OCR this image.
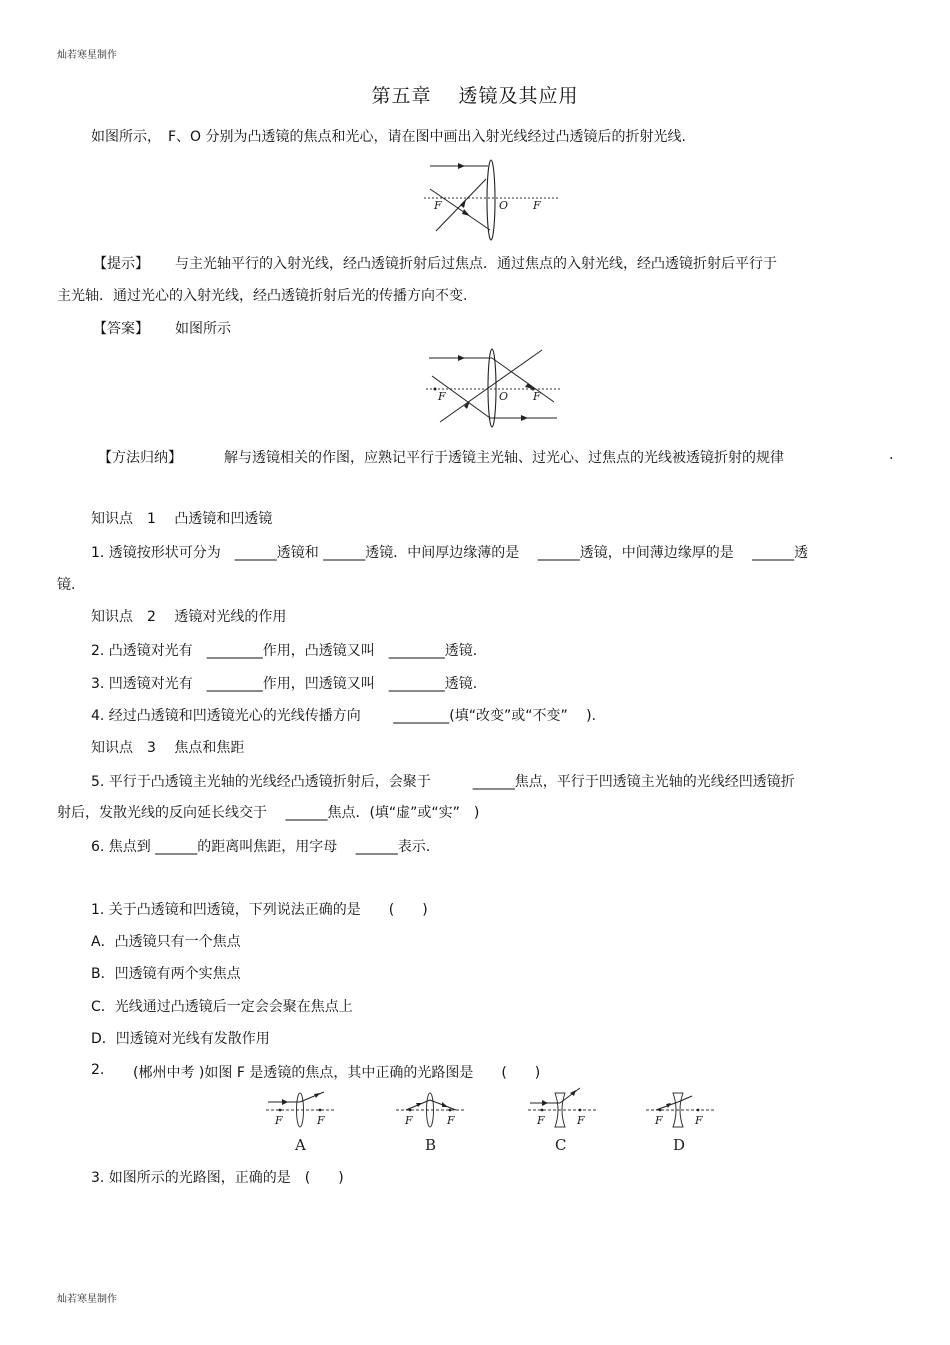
灿若寒星制作
第五章　 透镜及其应用
如图所示，　F、O 分别为凸透镜的焦点和光心，请在图中画出入射光线经过凸透镜后的折射光线.
F	O F
【提示】 与主光轴平行的入射光线，经凸透镜折射后过焦点．通过焦点的入射光线，经凸透镜折射后平行于
主光轴．通过光心的入射光线，经凸透镜折射后光的传播方向不变.
【答案】 如图所示
F	O F
【方法归纳】	解与透镜相关的作图，应熟记平行于透镜主光轴、过光心、过焦点的光线被透镜折射的规律	.
知识点　1　 凸透镜和凹透镜
1. 透镜按形状可分为　______透镜和 ______透镜．中间厚边缘薄的是　 ______透镜，中间薄边缘厚的是　 ______透
镜.
知识点　2　 透镜对光线的作用
2. 凸透镜对光有　________作用，凸透镜又叫　________透镜.
3. 凹透镜对光有　________作用，凹透镜又叫　________透镜.
4. 经过凸透镜和凹透镜光心的光线传播方向　　 ________(填“改变”或“不变”　 ).
知识点　3　 焦点和焦距
5. 平行于凸透镜主光轴的光线经凸透镜折射后，会聚于　　　______焦点，平行于凹透镜主光轴的光线经凹透镜折
射后，发散光线的反向延长线交于　 ______焦点．(填“虚”或“实”　)
6. 焦点到 ______的距离叫焦距，用字母　 ______表示.
1. 关于凸透镜和凹透镜，下列说法正确的是　　(　　)
A．凸透镜只有一个焦点
B．凹透镜有两个实焦点
C．光线通过凸透镜后一定会会聚在焦点上
D．凹透镜对光线有发散作用
2. (郴州中考 )如图 F 是透镜的焦点，其中正确的光路图是　　(　　)
F	F
A
F	F
B
F	F
C
F	F
D
3. 如图所示的光路图，正确的是　(　　)
灿若寒星制作
